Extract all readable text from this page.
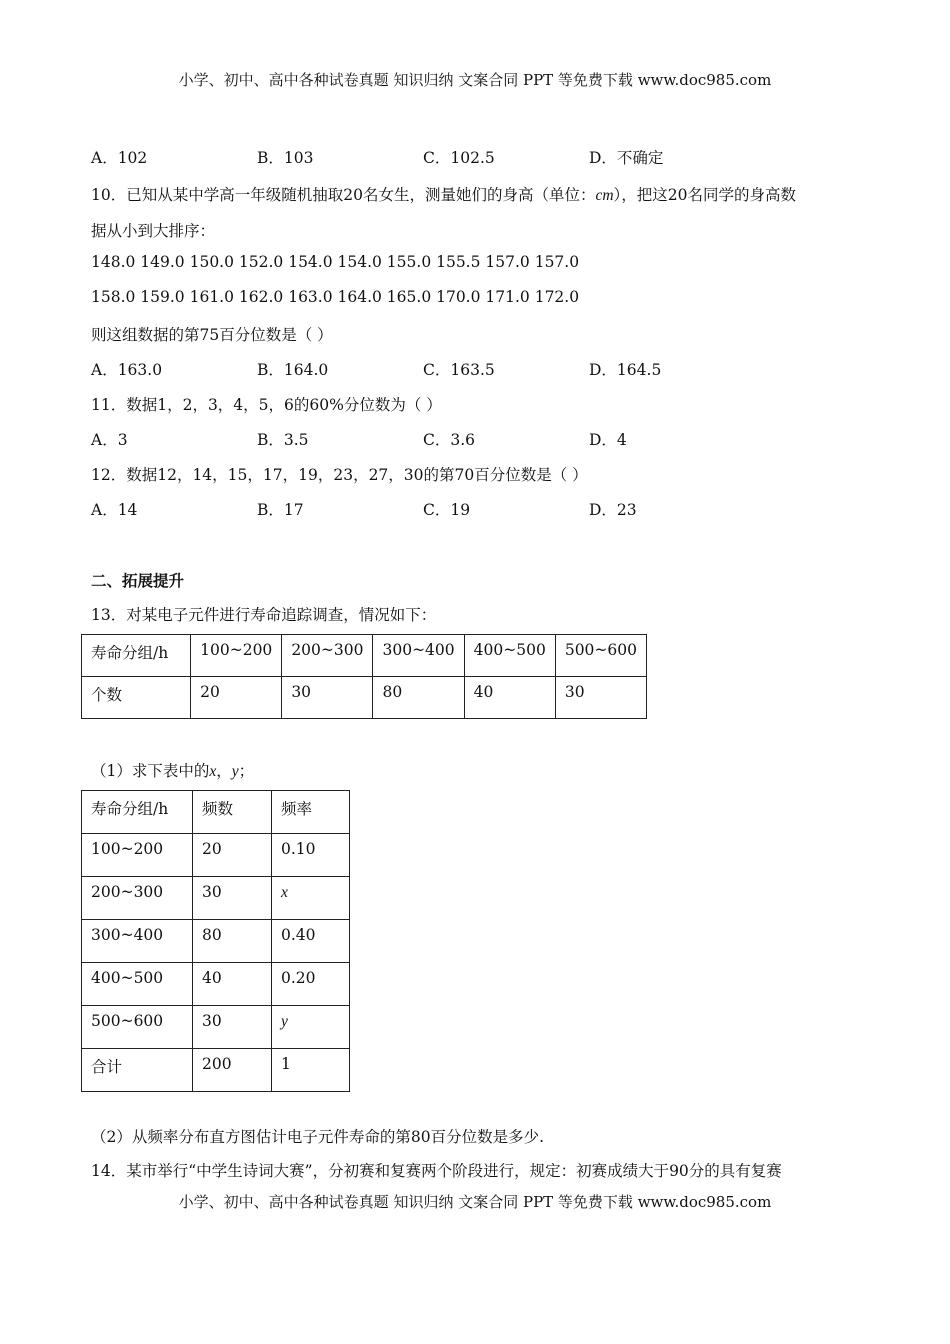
小学、初中、高中各种试卷真题 知识归纳 文案合同 PPT 等免费下载 www.doc985.com
A．102	B．103	C．102.5	D．不确定
10．已知从某中学高一年级随机抽取20名女生，测量她们的身高（单位：cm），把这20名同学的身高数
据从小到大排序：
148.0 149.0 150.0 152.0 154.0 154.0 155.0 155.5 157.0 157.0
158.0 159.0 161.0 162.0 163.0 164.0 165.0 170.0 171.0 172.0
则这组数据的第75百分位数是（ ）
A．163.0	B．164.0	C．163.5	D．164.5
11．数据1，2，3，4，5，6的60%分位数为（ ）
A．3	B．3.5	C．3.6	D．4
12．数据12，14，15，17，19，23，27，30的第70百分位数是（ ）
A．14	B．17	C．19	D．23
二、拓展提升
13．对某电子元件进行寿命追踪调查，情况如下：
寿命分组/h	100~200	200~300	300~400	400~500	500~600
个数	20	30	80	40	30
（1）求下表中的x，y；
寿命分组/h	频数	频率
100~200	20	0.10
200~300	30	x
300~400	80	0.40
400~500	40	0.20
500~600	30	y
合计	200	1
（2）从频率分布直方图估计电子元件寿命的第80百分位数是多少.
14．某市举行“中学生诗词大赛”，分初赛和复赛两个阶段进行，规定：初赛成绩大于90分的具有复赛
小学、初中、高中各种试卷真题 知识归纳 文案合同 PPT 等免费下载 www.doc985.com
